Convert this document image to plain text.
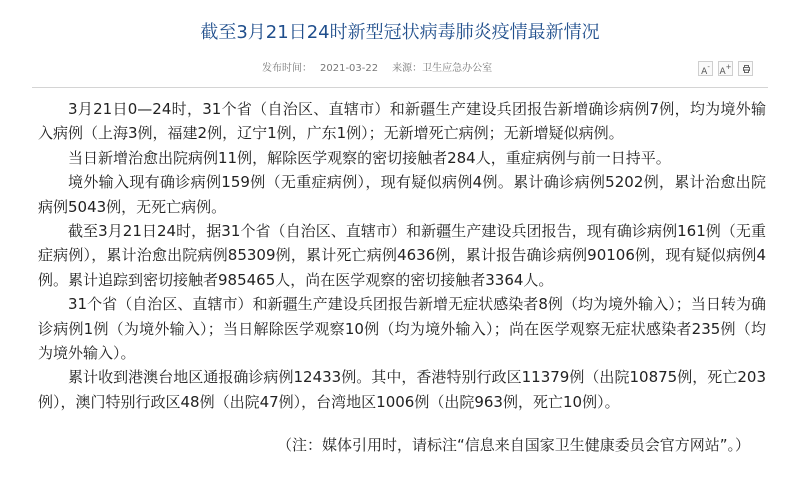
截至3月21日24时新型冠状病毒肺炎疫情最新情况
发布时间： 2021-03-22 来源：卫生应急办公室	A-	A+

3月21日0—24时，31个省（自治区、直辖市）和新疆生产建设兵团报告新增确诊病例7例，均为境外输入病例（上海3例，福建2例，辽宁1例，广东1例）；无新增死亡病例；无新增疑似病例。

当日新增治愈出院病例11例，解除医学观察的密切接触者284人，重症病例与前一日持平。

境外输入现有确诊病例159例（无重症病例），现有疑似病例4例。累计确诊病例5202例，累计治愈出院病例5043例，无死亡病例。

截至3月21日24时，据31个省（自治区、直辖市）和新疆生产建设兵团报告，现有确诊病例161例（无重症病例），累计治愈出院病例85309例，累计死亡病例4636例，累计报告确诊病例90106例，现有疑似病例4例。累计追踪到密切接触者985465人，尚在医学观察的密切接触者3364人。

31个省（自治区、直辖市）和新疆生产建设兵团报告新增无症状感染者8例（均为境外输入）；当日转为确诊病例1例（为境外输入）；当日解除医学观察10例（均为境外输入）；尚在医学观察无症状感染者235例（均为境外输入）。

累计收到港澳台地区通报确诊病例12433例。其中，香港特别行政区11379例（出院10875例，死亡203例），澳门特别行政区48例（出院47例），台湾地区1006例（出院963例，死亡10例）。

（注：媒体引用时，请标注“信息来自国家卫生健康委员会官方网站”。）
